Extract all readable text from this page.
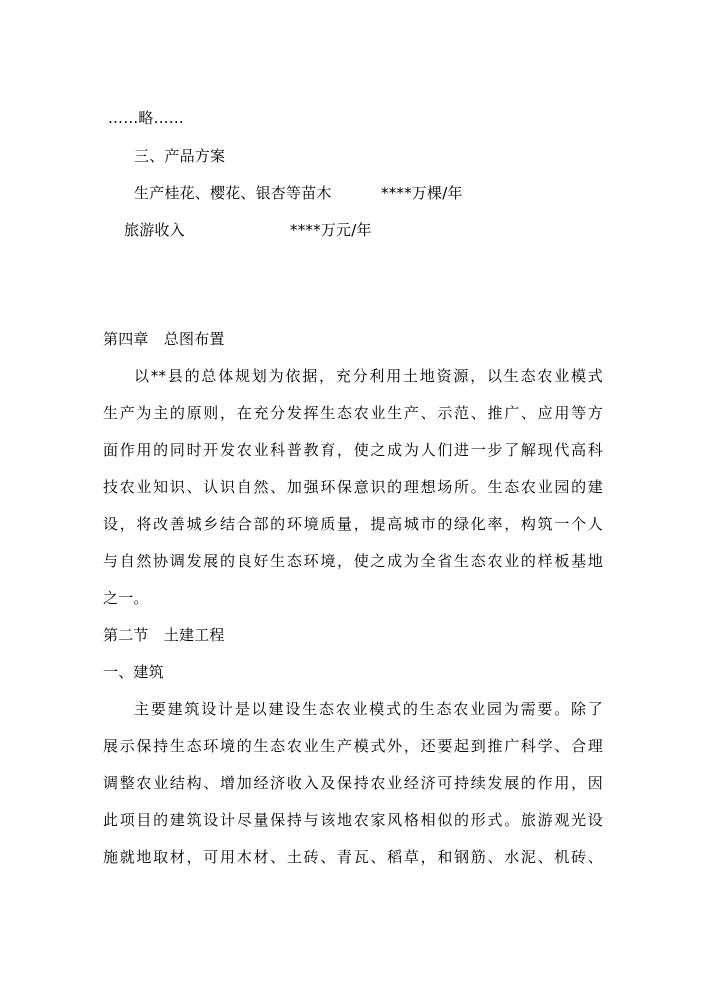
……略……
三、产品方案
生产桂花、樱花、银杏等苗木	****万棵/年
旅游收入	****万元/年
第四章　总图布置
以**县的总体规划为依据，充分利用土地资源，以生态农业模式
生产为主的原则，在充分发挥生态农业生产、示范、推广、应用等方
面作用的同时开发农业科普教育，使之成为人们进一步了解现代高科
技农业知识、认识自然、加强环保意识的理想场所。生态农业园的建
设，将改善城乡结合部的环境质量，提高城市的绿化率，构筑一个人
与自然协调发展的良好生态环境，使之成为全省生态农业的样板基地
之一。
第二节　土建工程
一、建筑
主要建筑设计是以建设生态农业模式的生态农业园为需要。除了
展示保持生态环境的生态农业生产模式外，还要起到推广科学、合理
调整农业结构、增加经济收入及保持农业经济可持续发展的作用，因
此项目的建筑设计尽量保持与该地农家风格相似的形式。旅游观光设
施就地取材，可用木材、土砖、青瓦、稻草，和钢筋、水泥、机砖、
